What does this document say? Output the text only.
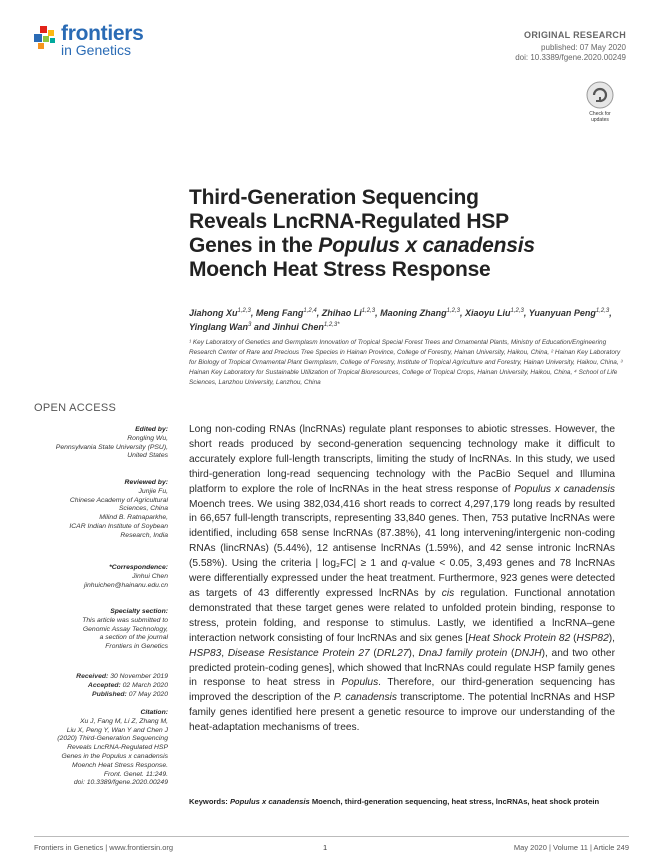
frontiers
in Genetics
ORIGINAL RESEARCH
published: 07 May 2020
doi: 10.3389/fgene.2020.00249
Check for updates
Third-Generation Sequencing
Reveals LncRNA-Regulated HSP
Genes in the Populus x canadensis
Moench Heat Stress Response
Jiahong Xu$^{1,2,3}$, Meng Fang$^{1,2,4}$, Zhihao Li$^{1,2,3}$, Maoning Zhang$^{1,2,3}$, Xiaoyu Liu$^{1,2,3}$, Yuanyuan Peng$^{1,2,3}$, Yinglang Wan$^3$ and Jinhui Chen$^{1,2,3*}$
¹ Key Laboratory of Genetics and Germplasm Innovation of Tropical Special Forest Trees and Ornamental Plants, Ministry of Education/Engineering Research Center of Rare and Precious Tree Species in Hainan Province, College of Forestry, Hainan University, Haikou, China, ² Hainan Key Laboratory for Biology of Tropical Ornamental Plant Germplasm, College of Forestry, Institute of Tropical Agriculture and Forestry, Hainan University, Haikou, China, ³ Hainan Key Laboratory for Sustainable Utilization of Tropical Bioresources, College of Tropical Crops, Hainan University, Haikou, China, ⁴ School of Life Sciences, Lanzhou University, Lanzhou, China
OPEN ACCESS
Edited by:
Rongling Wu,
Pennsylvania State University (PSU),
United States
Reviewed by:
Junjie Fu,
Chinese Academy of Agricultural
Sciences, China
Milind B. Ratnaparkhe,
ICAR Indian Institute of Soybean
Research, India
*Correspondence:
Jinhui Chen
jinhuichen@hainanu.edu.cn
Specialty section:
This article was submitted to
Genomic Assay Technology,
a section of the journal
Frontiers in Genetics
Received: 30 November 2019
Accepted: 02 March 2020
Published: 07 May 2020
Citation:
Xu J, Fang M, Li Z, Zhang M,
Liu X, Peng Y, Wan Y and Chen J
(2020) Third-Generation Sequencing
Reveals LncRNA-Regulated HSP
Genes in the Populus x canadensis
Moench Heat Stress Response.
Front. Genet. 11:249.
doi: 10.3389/fgene.2020.00249
Long non-coding RNAs (lncRNAs) regulate plant responses to abiotic stresses. However, the short reads produced by second-generation sequencing technology make it difficult to accurately explore full-length transcripts, limiting the study of lncRNAs. In this study, we used third-generation long-read sequencing technology with the PacBio Sequel and Illumina platform to explore the role of lncRNAs in the heat stress response of Populus x canadensis Moench trees. We using 382,034,416 short reads to correct 4,297,179 long reads by resulted in 66,657 full-length transcripts, representing 33,840 genes. Then, 753 putative lncRNAs were identified, including 658 sense lncRNAs (87.38%), 41 long intervening/intergenic non-coding RNAs (lincRNAs) (5.44%), 12 antisense lncRNAs (1.59%), and 42 sense intronic lncRNAs (5.58%). Using the criteria | log₂FC| ≥ 1 and q-value < 0.05, 3,493 genes and 78 lncRNAs were differentially expressed under the heat treatment. Furthermore, 923 genes were detected as targets of 43 differently expressed lncRNAs by cis regulation. Functional annotation demonstrated that these target genes were related to unfolded protein binding, response to stress, protein folding, and response to stimulus. Lastly, we identified a lncRNA–gene interaction network consisting of four lncRNAs and six genes [Heat Shock Protein 82 (HSP82), HSP83, Disease Resistance Protein 27 (DRL27), DnaJ family protein (DNJH), and two other predicted protein-coding genes], which showed that lncRNAs could regulate HSP family genes in response to heat stress in Populus. Therefore, our third-generation sequencing has improved the description of the P. canadensis transcriptome. The potential lncRNAs and HSP family genes identified here present a genetic resource to improve our understanding of the heat-adaptation mechanisms of trees.
Keywords: Populus x canadensis Moench, third-generation sequencing, heat stress, lncRNAs, heat shock protein
Frontiers in Genetics | www.frontiersin.org	1	May 2020 | Volume 11 | Article 249
